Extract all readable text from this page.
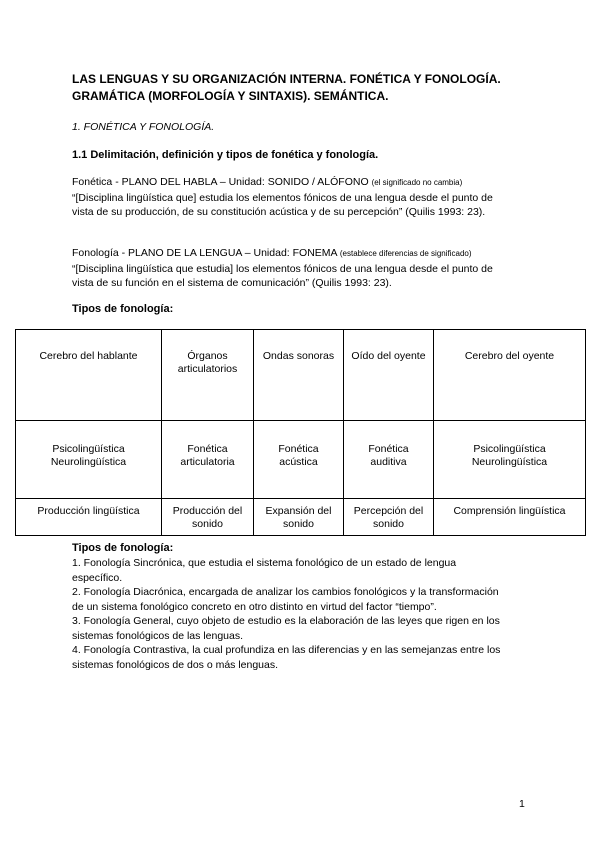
LAS LENGUAS Y SU ORGANIZACIÓN INTERNA. FONÉTICA Y FONOLOGÍA.
GRAMÁTICA (MORFOLOGÍA Y SINTAXIS). SEMÁNTICA.

1. FONÉTICA Y FONOLOGÍA.

1.1 Delimitación, definición y tipos de fonética y fonología.

Fonética - PLANO DEL HABLA – Unidad: SONIDO / ALÓFONO (el significado no cambia)
“[Disciplina lingüística que] estudia los elementos fónicos de una lengua desde el punto de
vista de su producción, de su constitución acústica y de su percepción” (Quilis 1993: 23).

Fonología - PLANO DE LA LENGUA – Unidad: FONEMA (establece diferencias de significado)
“[Disciplina lingüística que estudia] los elementos fónicos de una lengua desde el punto de
vista de su función en el sistema de comunicación” (Quilis 1993: 23).

Tipos de fonología:

Cerebro del hablante	Órganos articulatorios	Ondas sonoras	Oído del oyente	Cerebro del oyente

Psicolingüística
Neurolingüística	Fonética
articulatoria	Fonética
acústica	Fonética
auditiva	Psicolingüística
Neurolingüística

Producción lingüística	Producción del sonido	Expansión del sonido	Percepción del sonido	Comprensión lingüística

Tipos de fonología:

1. Fonología Sincrónica, que estudia el sistema fonológico de un estado de lengua
específico.
2. Fonología Diacrónica, encargada de analizar los cambios fonológicos y la transformación
de un sistema fonológico concreto en otro distinto en virtud del factor “tiempo”.
3. Fonología General, cuyo objeto de estudio es la elaboración de las leyes que rigen en los
sistemas fonológicos de las lenguas.
4. Fonología Contrastiva, la cual profundiza en las diferencias y en las semejanzas entre los
sistemas fonológicos de dos o más lenguas.
1
